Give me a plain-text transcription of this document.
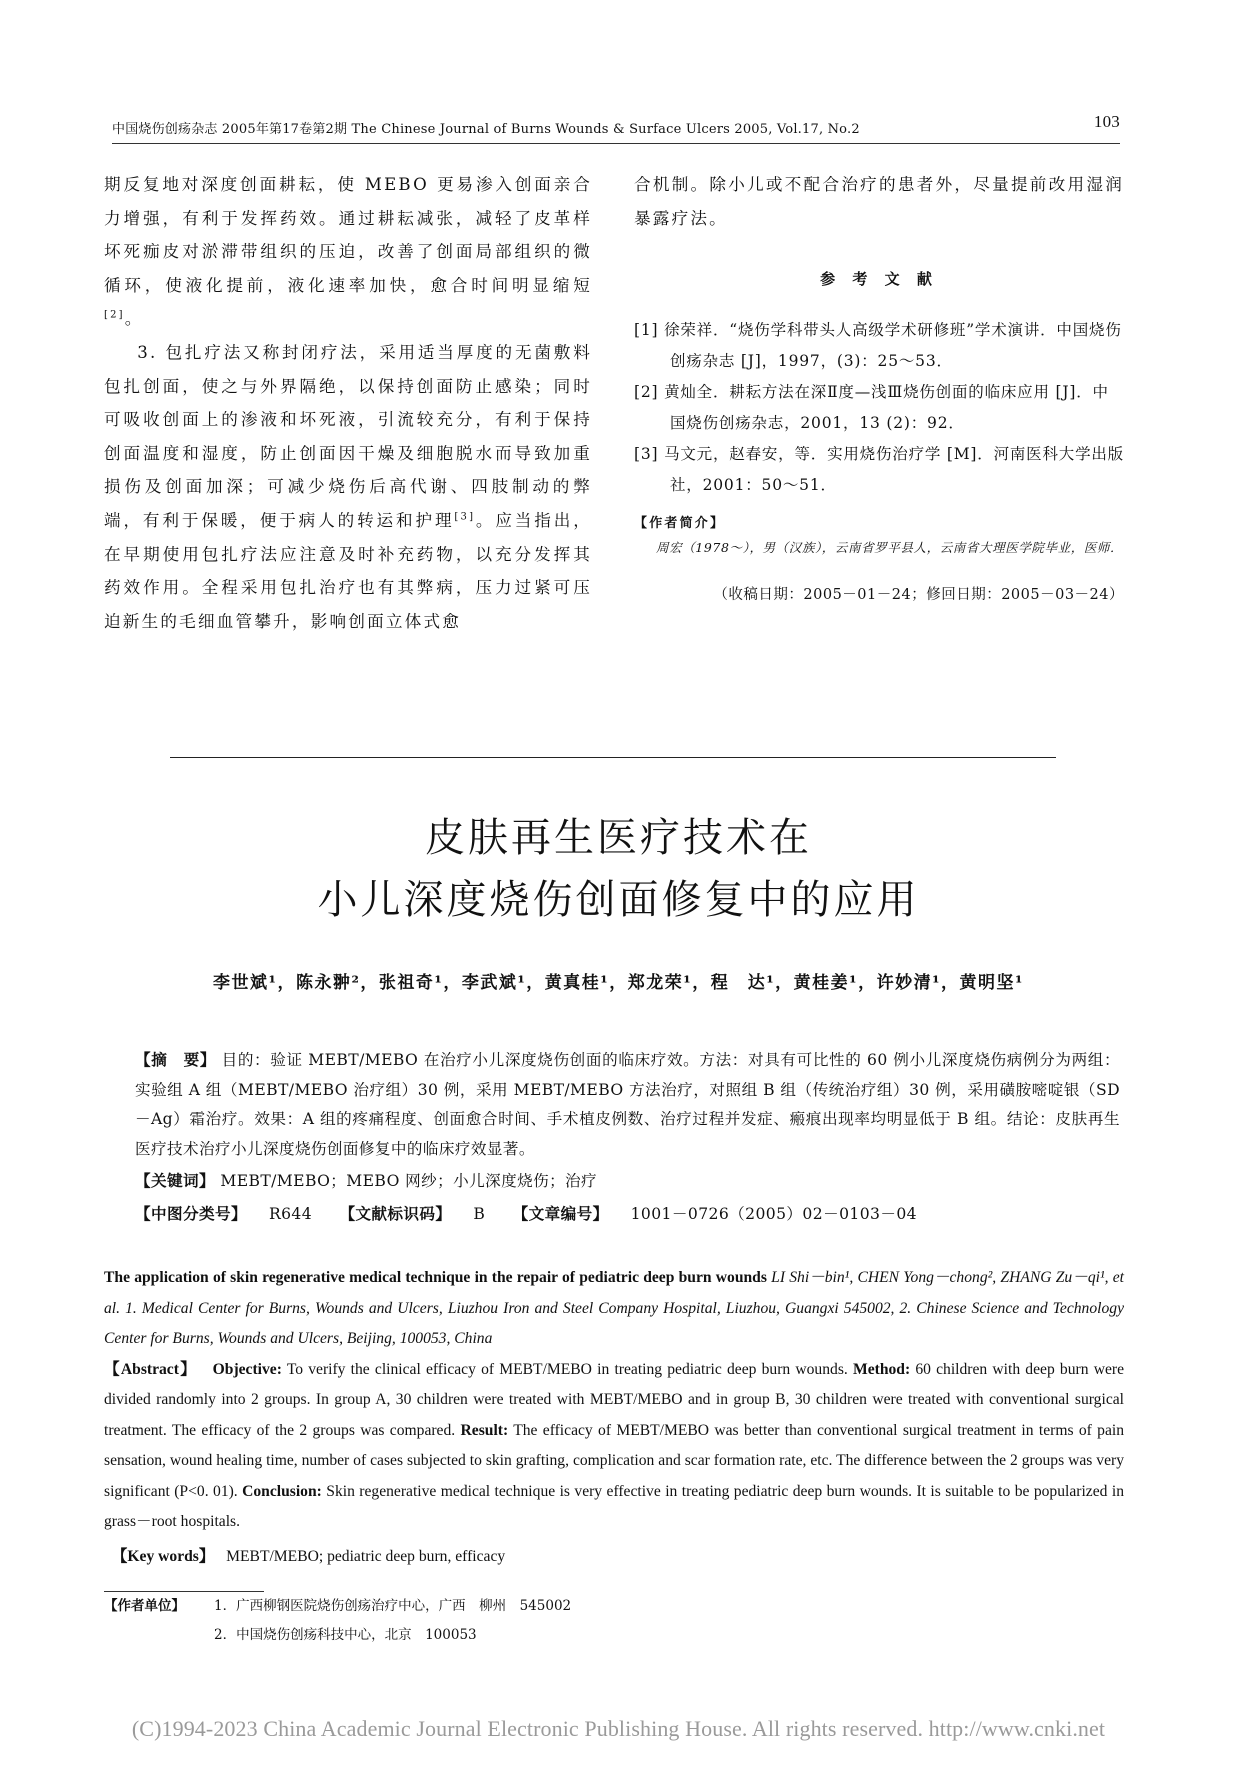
中国烧伤创疡杂志 2005年第17卷第2期 The Chinese Journal of Burns Wounds & Surface Ulcers 2005, Vol.17, No.2	103

期反复地对深度创面耕耘，使 MEBO 更易渗入创面亲合力增强，有利于发挥药效。通过耕耘减张，减轻了皮革样坏死痂皮对淤滞带组织的压迫，改善了创面局部组织的微循环，使液化提前，液化速率加快，愈合时间明显缩短[2]。

3. 包扎疗法又称封闭疗法，采用适当厚度的无菌敷料包扎创面，使之与外界隔绝，以保持创面防止感染；同时可吸收创面上的渗液和坏死液，引流较充分，有利于保持创面温度和湿度，防止创面因干燥及细胞脱水而导致加重损伤及创面加深；可减少烧伤后高代谢、四肢制动的弊端，有利于保暖，便于病人的转运和护理[3]。应当指出，在早期使用包扎疗法应注意及时补充药物，以充分发挥其药效作用。全程采用包扎治疗也有其弊病，压力过紧可压迫新生的毛细血管攀升，影响创面立体式愈

合机制。除小儿或不配合治疗的患者外，尽量提前改用湿润暴露疗法。

参 考 文 献

[1] 徐荣祥．“烧伤学科带头人高级学术研修班”学术演讲．中国烧伤创疡杂志 [J]，1997，(3)：25～53．

[2] 黄灿全．耕耘方法在深Ⅱ度—浅Ⅲ烧伤创面的临床应用 [J]．中国烧伤创疡杂志，2001，13 (2)：92．

[3] 马文元，赵春安，等．实用烧伤治疗学 [M]．河南医科大学出版社，2001：50～51．

【作者简介】

周宏（1978～），男（汉族），云南省罗平县人，云南省大理医学院毕业，医师．

（收稿日期：2005－01－24；修回日期：2005－03－24）
皮肤再生医疗技术在
小儿深度烧伤创面修复中的应用
李世斌¹，陈永翀²，张祖奇¹，李武斌¹，黄真桂¹，郑龙荣¹，程　达¹，黄桂姜¹，许妙清¹，黄明坚¹

【摘　要】 目的：验证 MEBT/MEBO 在治疗小儿深度烧伤创面的临床疗效。方法：对具有可比性的 60 例小儿深度烧伤病例分为两组：实验组 A 组（MEBT/MEBO 治疗组）30 例，采用 MEBT/MEBO 方法治疗，对照组 B 组（传统治疗组）30 例，采用磺胺嘧啶银（SD－Ag）霜治疗。效果：A 组的疼痛程度、创面愈合时间、手术植皮例数、治疗过程并发症、瘢痕出现率均明显低于 B 组。结论：皮肤再生医疗技术治疗小儿深度烧伤创面修复中的临床疗效显著。

【关键词】 MEBT/MEBO；MEBO 网纱；小儿深度烧伤；治疗

【中图分类号】 R644 【文献标识码】 B 【文章编号】 1001－0726（2005）02－0103－04

The application of skin regenerative medical technique in the repair of pediatric deep burn wounds LI Shi－bin¹, CHEN Yong－chong², ZHANG Zu－qi¹, et al. 1. Medical Center for Burns, Wounds and Ulcers, Liuzhou Iron and Steel Company Hospital, Liuzhou, Guangxi 545002, 2. Chinese Science and Technology Center for Burns, Wounds and Ulcers, Beijing, 100053, China

【Abstract】 Objective: To verify the clinical efficacy of MEBT/MEBO in treating pediatric deep burn wounds. Method: 60 children with deep burn were divided randomly into 2 groups. In group A, 30 children were treated with MEBT/MEBO and in group B, 30 children were treated with conventional surgical treatment. The efficacy of the 2 groups was compared. Result: The efficacy of MEBT/MEBO was better than conventional surgical treatment in terms of pain sensation, wound healing time, number of cases subjected to skin grafting, complication and scar formation rate, etc. The difference between the 2 groups was very significant (P<0. 01). Conclusion: Skin regenerative medical technique is very effective in treating pediatric deep burn wounds. It is suitable to be popularized in grass－root hospitals.

【Key words】 MEBT/MEBO; pediatric deep burn, efficacy

【作者单位】	1．广西柳钢医院烧伤创疡治疗中心，广西　柳州　545002
2．中国烧伤创疡科技中心，北京　100053
(C)1994-2023 China Academic Journal Electronic Publishing House. All rights reserved. http://www.cnki.net
